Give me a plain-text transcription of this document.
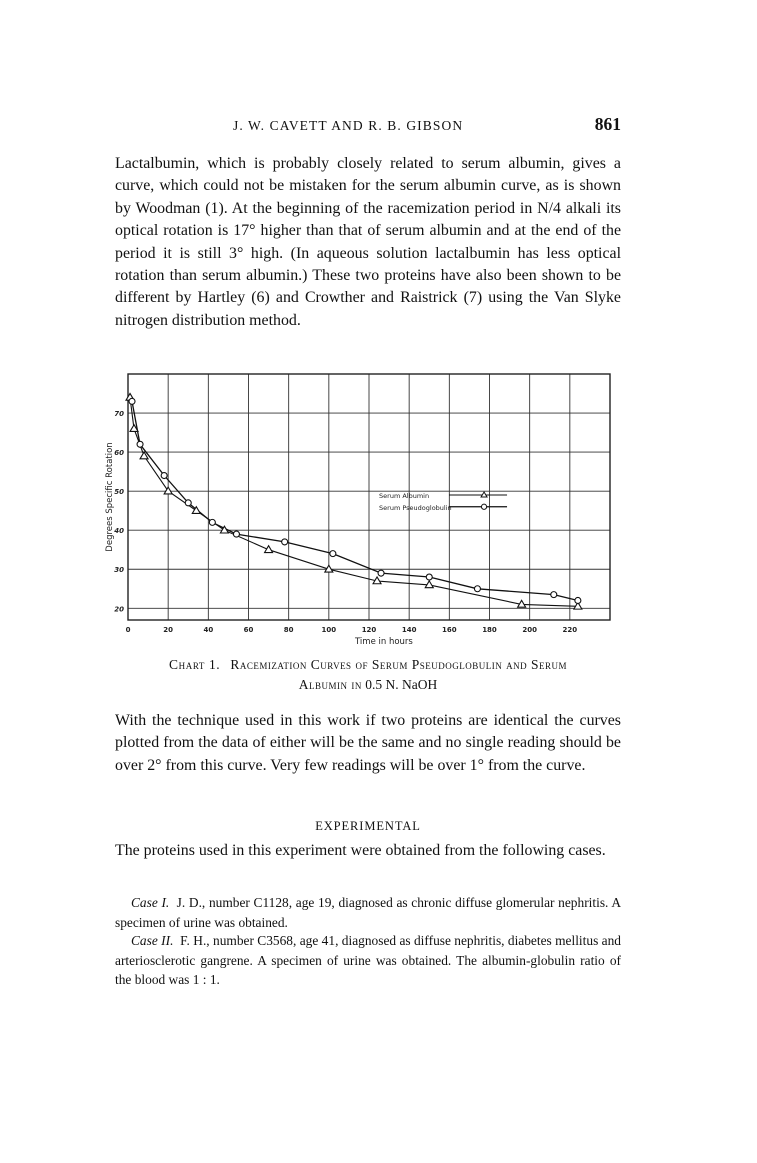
J. W. CAVETT AND R. B. GIBSON	861

Lactalbumin, which is probably closely related to serum albumin, gives a curve, which could not be mistaken for the serum albumin curve, as is shown by Woodman (1). At the beginning of the racemization period in N/4 alkali its optical rotation is 17° higher than that of serum albumin and at the end of the period it is still 3° high. (In aqueous solution lactalbumin has less optical rotation than serum albumin.) These two proteins have also been shown to be different by Hartley (6) and Crowther and Raistrick (7) using the Van Slyke nitrogen distribution method.

0	20	40	60	80	100	120	140	160	180	200	220
20
30
40
50
60
70
Time in hours
Degrees Specific Rotation	Serum Albumin
Serum Pseudoglobulin
Chart 1. Racemization Curves of Serum Pseudoglobulin and Serum
Albumin in 0.5 N. NaOH

With the technique used in this work if two proteins are identical the curves plotted from the data of either will be the same and no single reading should be over 2° from this curve. Very few readings will be over 1° from the curve.

EXPERIMENTAL

The proteins used in this experiment were obtained from the following cases.

Case I. J. D., number C1128, age 19, diagnosed as chronic diffuse glomerular nephritis. A specimen of urine was obtained.

Case II. F. H., number C3568, age 41, diagnosed as diffuse nephritis, diabetes mellitus and arteriosclerotic gangrene. A specimen of urine was obtained. The albumin-globulin ratio of the blood was 1 : 1.
